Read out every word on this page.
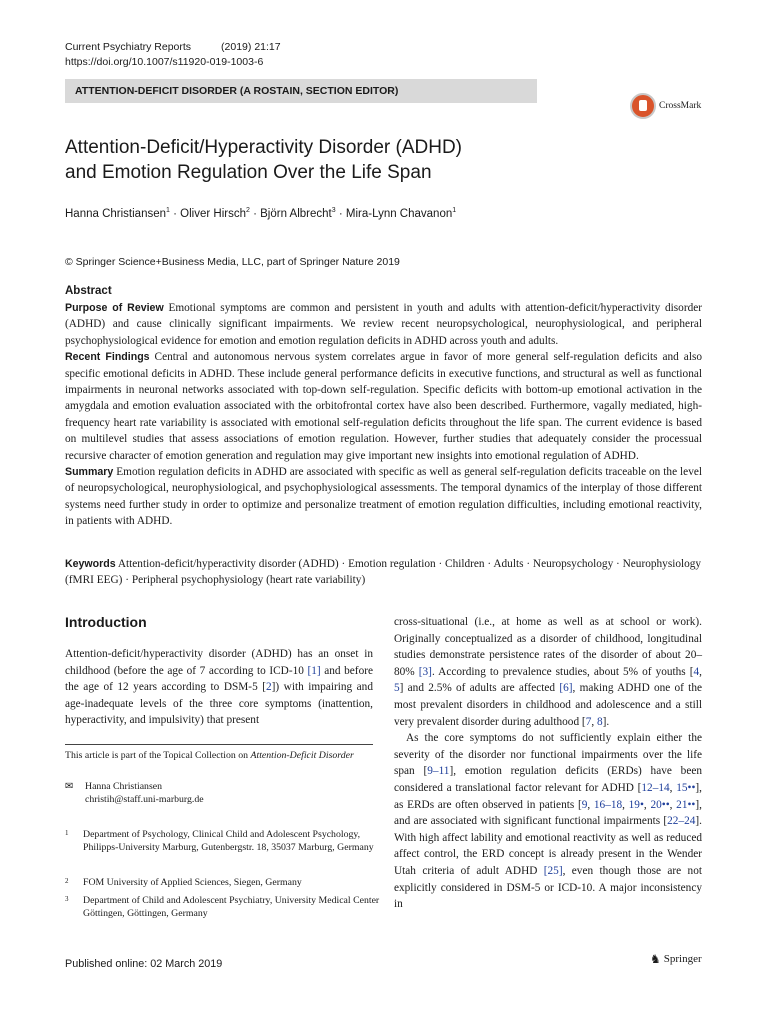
Current Psychiatry Reports	(2019) 21:17
https://doi.org/10.1007/s11920-019-1003-6
ATTENTION-DEFICIT DISORDER (A ROSTAIN, SECTION EDITOR)
CrossMark
Attention-Deficit/Hyperactivity Disorder (ADHD)
and Emotion Regulation Over the Life Span
Hanna Christiansen$^1$ · Oliver Hirsch$^2$ · Björn Albrecht$^3$ · Mira-Lynn Chavanon$^1$
© Springer Science+Business Media, LLC, part of Springer Nature 2019
Abstract

Purpose of Review Emotional symptoms are common and persistent in youth and adults with attention-deficit/hyperactivity disorder (ADHD) and cause clinically significant impairments. We review recent neuropsychological, neurophysiological, and peripheral psychophysiological evidence for emotion and emotion regulation deficits in ADHD across youth and adults.

Recent Findings Central and autonomous nervous system correlates argue in favor of more general self-regulation deficits and also specific emotional deficits in ADHD. These include general performance deficits in executive functions, and structural as well as functional impairments in neuronal networks associated with top-down self-regulation. Specific deficits with bottom-up emotional activation in the amygdala and emotion evaluation associated with the orbitofrontal cortex have also been described. Furthermore, vagally mediated, high-frequency heart rate variability is associated with emotional self-regulation deficits throughout the life span. The current evidence is based on multilevel studies that assess associations of emotion regulation. However, further studies that adequately consider the processual recursive character of emotion generation and regulation may give important new insights into emotional regulation of ADHD.

Summary Emotion regulation deficits in ADHD are associated with specific as well as general self-regulation deficits traceable on the level of neuropsychological, neurophysiological, and psychophysiological assessments. The temporal dynamics of the interplay of those different systems need further study in order to optimize and personalize treatment of emotion regulation difficulties, including emotional reactivity, in patients with ADHD.

Keywords Attention-deficit/hyperactivity disorder (ADHD) · Emotion regulation · Children · Adults · Neuropsychology · Neurophysiology (fMRI EEG) · Peripheral psychophysiology (heart rate variability)
Introduction

Attention-deficit/hyperactivity disorder (ADHD) has an onset in childhood (before the age of 7 according to ICD-10 [1] and before the age of 12 years according to DSM-5 [2]) with impairing and age-inadequate levels of the three core symptoms (inattention, hyperactivity, and impulsivity) that present

This article is part of the Topical Collection on Attention-Deficit Disorder
✉	Hanna Christiansen
christih@staff.uni-marburg.de
1	Department of Psychology, Clinical Child and Adolescent Psychology, Philipps-University Marburg, Gutenbergstr. 18, 35037 Marburg, Germany
2	FOM University of Applied Sciences, Siegen, Germany
3	Department of Child and Adolescent Psychiatry, University Medical Center Göttingen, Göttingen, Germany

cross-situational (i.e., at home as well as at school or work). Originally conceptualized as a disorder of childhood, longitudinal studies demonstrate persistence rates of the disorder of about 20–80% [3]. According to prevalence studies, about 5% of youths [4, 5] and 2.5% of adults are affected [6], making ADHD one of the most prevalent disorders in childhood and adolescence and a still very prevalent disorder during adulthood [7, 8].

As the core symptoms do not sufficiently explain either the severity of the disorder nor functional impairments over the life span [9–11], emotion regulation deficits (ERDs) have been considered a translational factor relevant for ADHD [12–14, 15••], as ERDs are often observed in patients [9, 16–18, 19•, 20••, 21••], and are associated with significant functional impairments [22–24]. With high affect lability and emotional reactivity as well as reduced affect control, the ERD concept is already present in the Wender Utah criteria of adult ADHD [25], even though those are not explicitly considered in DSM-5 or ICD-10. A major inconsistency in

Published online: 02 March 2019	♞ Springer
